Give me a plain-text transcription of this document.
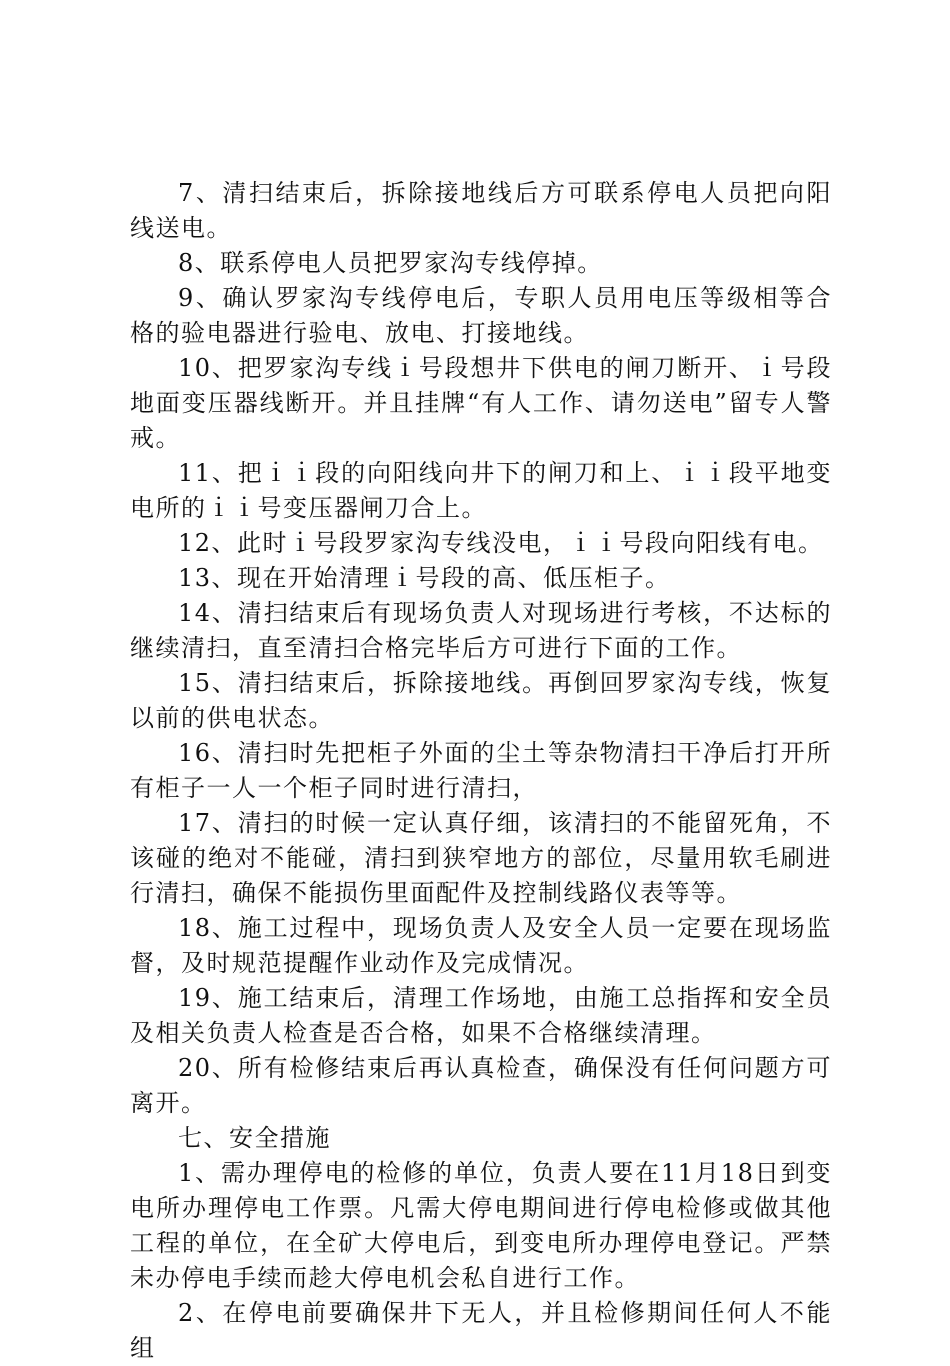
7、清扫结束后，拆除接地线后方可联系停电人员把向阳线送电。

8、联系停电人员把罗家沟专线停掉。

9、确认罗家沟专线停电后，专职人员用电压等级相等合格的验电器进行验电、放电、打接地线。

10、把罗家沟专线ｉ号段想井下供电的闸刀断开、ｉ号段地面变压器线断开。并且挂牌“有人工作、请勿送电”留专人警戒。

11、把ｉｉ段的向阳线向井下的闸刀和上、ｉｉ段平地变电所的ｉｉ号变压器闸刀合上。

12、此时ｉ号段罗家沟专线没电，ｉｉ号段向阳线有电。

13、现在开始清理ｉ号段的高、低压柜子。

14、清扫结束后有现场负责人对现场进行考核，不达标的继续清扫，直至清扫合格完毕后方可进行下面的工作。

15、清扫结束后，拆除接地线。再倒回罗家沟专线，恢复以前的供电状态。

16、清扫时先把柜子外面的尘土等杂物清扫干净后打开所有柜子一人一个柜子同时进行清扫，

17、清扫的时候一定认真仔细，该清扫的不能留死角，不该碰的绝对不能碰，清扫到狭窄地方的部位，尽量用软毛刷进行清扫，确保不能损伤里面配件及控制线路仪表等等。

18、施工过程中，现场负责人及安全人员一定要在现场监督，及时规范提醒作业动作及完成情况。

19、施工结束后，清理工作场地，由施工总指挥和安全员及相关负责人检查是否合格，如果不合格继续清理。

20、所有检修结束后再认真检查，确保没有任何问题方可离开。

七、安全措施

1、需办理停电的检修的单位，负责人要在11月18日到变电所办理停电工作票。凡需大停电期间进行停电检修或做其他工程的单位，在全矿大停电后，到变电所办理停电登记。严禁未办停电手续而趁大停电机会私自进行工作。

2、在停电前要确保井下无人，并且检修期间任何人不能组
